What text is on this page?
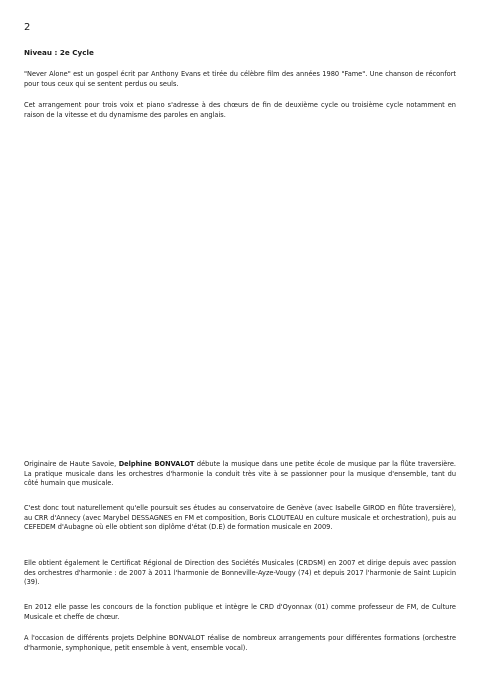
2
Niveau : 2e Cycle

"Never Alone" est un gospel écrit par Anthony Evans et tirée du célèbre film des années 1980 "Fame". Une chanson de réconfort pour tous ceux qui se sentent perdus ou seuls.

Cet arrangement pour trois voix et piano s'adresse à des chœurs de fin de deuxième cycle ou troisième cycle notamment en raison de la vitesse et du dynamisme des paroles en anglais.

Originaire de Haute Savoie, Delphine BONVALOT débute la musique dans une petite école de musique par la flûte traversière. La pratique musicale dans les orchestres d'harmonie la conduit très vite à se passionner pour la musique d'ensemble, tant du côté humain que musicale.

C'est donc tout naturellement qu'elle poursuit ses études au conservatoire de Genève (avec Isabelle GIROD en flûte traversière), au CRR d'Annecy (avec Marybel DESSAGNES en FM et composition, Boris CLOUTEAU en culture musicale et orchestration), puis au CEFEDEM d'Aubagne où elle obtient son diplôme d'état (D.E) de formation musicale en 2009.

Elle obtient également le Certificat Régional de Direction des Sociétés Musicales (CRDSM) en 2007 et dirige depuis avec passion des orchestres d'harmonie : de 2007 à 2011 l'harmonie de Bonneville-Ayze-Vougy (74) et depuis 2017 l'harmonie de Saint Lupicin (39).

En 2012 elle passe les concours de la fonction publique et intègre le CRD d'Oyonnax (01) comme professeur de FM, de Culture Musicale et cheffe de chœur.

A l'occasion de différents projets Delphine BONVALOT réalise de nombreux arrangements pour différentes formations (orchestre d'harmonie, symphonique, petit ensemble à vent, ensemble vocal).
